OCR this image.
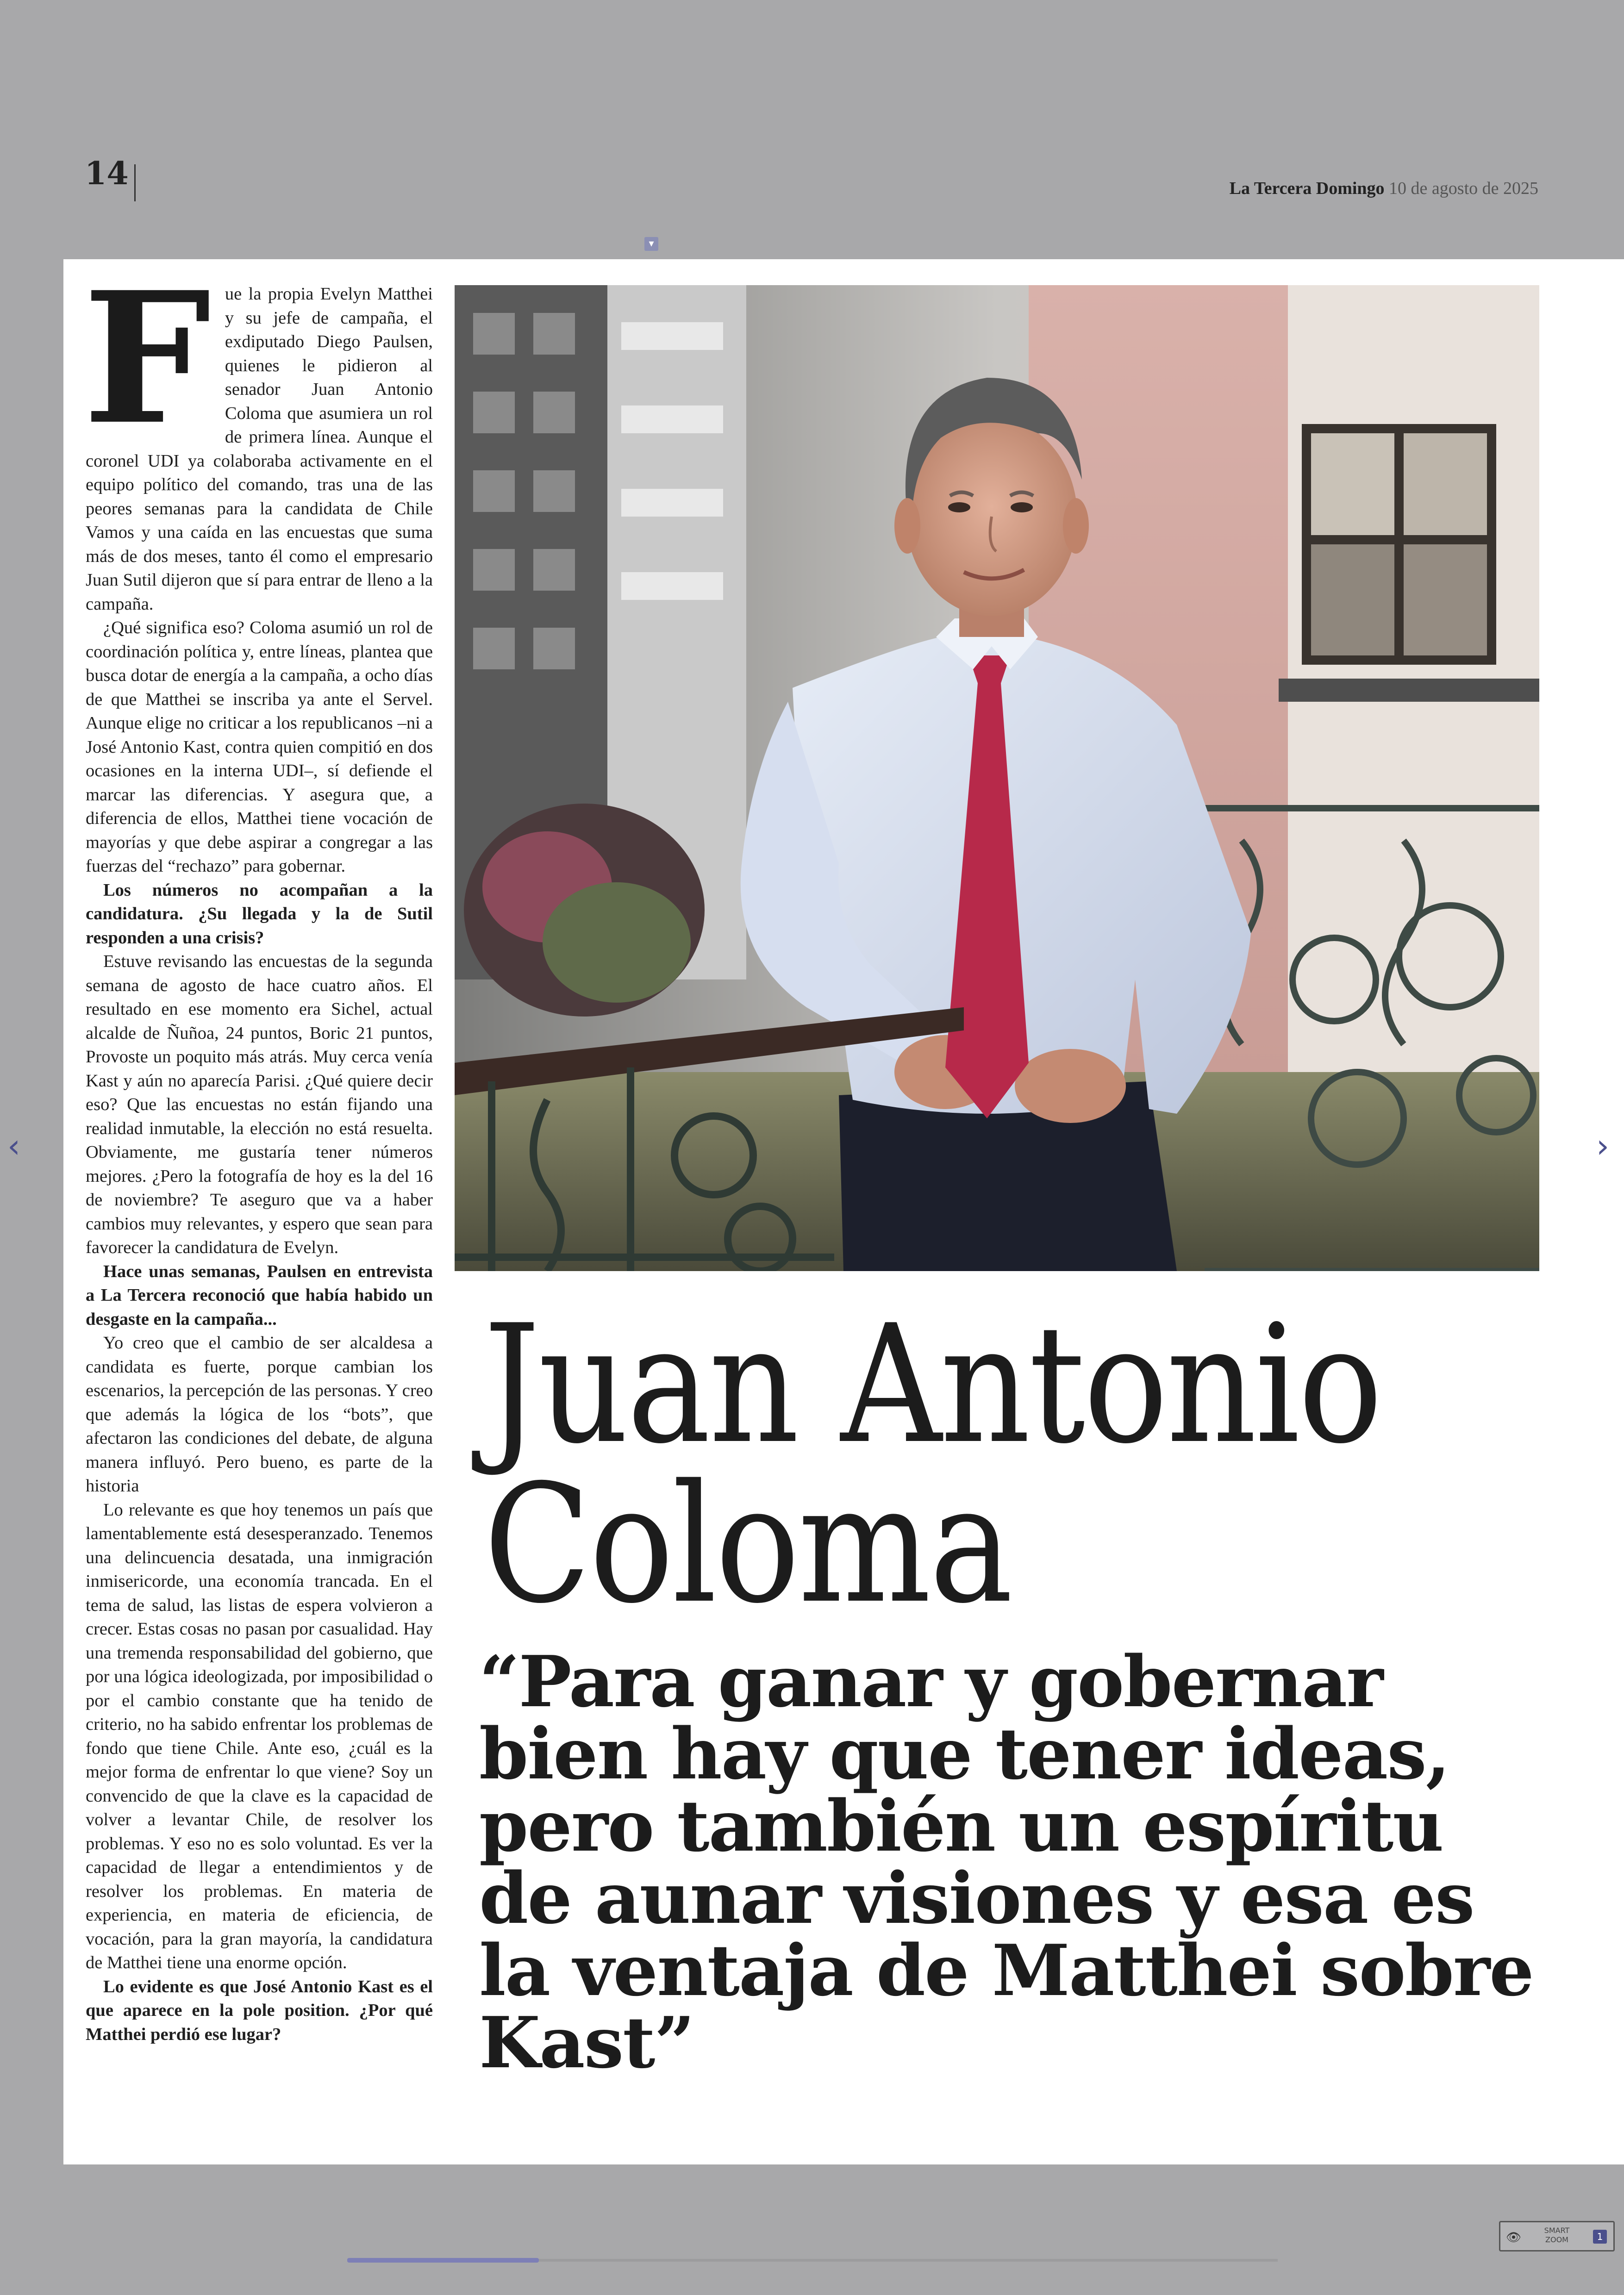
14	La Tercera Domingo 10 de agosto de 2025
▾
F ue la propia Evelyn Matthei y su jefe de campaña, el exdiputado Diego Paulsen, quienes le pidieron al senador Juan Antonio Coloma que asumiera un rol de primera línea. Aunque el coronel UDI ya colaboraba activamente en el equipo político del comando, tras una de las peores semanas para la candidata de Chile Vamos y una caída en las encuestas que suma más de dos meses, tanto él como el empresario Juan Sutil dijeron que sí para entrar de lleno a la campaña.

¿Qué significa eso? Coloma asumió un rol de coordinación política y, entre líneas, plantea que busca dotar de energía a la campaña, a ocho días de que Matthei se inscriba ya ante el Servel. Aunque elige no criticar a los republicanos –ni a José Antonio Kast, contra quien compitió en dos ocasiones en la interna UDI–, sí defiende el marcar las diferencias. Y asegura que, a diferencia de ellos, Matthei tiene vocación de mayorías y que debe aspirar a congregar a las fuerzas del “rechazo” para gobernar.

Los números no acompañan a la candidatura. ¿Su llegada y la de Sutil responden a una crisis?

Estuve revisando las encuestas de la segunda semana de agosto de hace cuatro años. El resultado en ese momento era Sichel, actual alcalde de Ñuñoa, 24 puntos, Boric 21 puntos, Provoste un poquito más atrás. Muy cerca venía Kast y aún no aparecía Parisi. ¿Qué quiere decir eso? Que las encuestas no están fijando una realidad inmutable, la elección no está resuelta. Obviamente, me gustaría tener números mejores. ¿Pero la fotografía de hoy es la del 16 de noviembre? Te aseguro que va a haber cambios muy relevantes, y espero que sean para favorecer la candidatura de Evelyn.

Hace unas semanas, Paulsen en entrevista a La Tercera reconoció que había habido un desgaste en la campaña...

Yo creo que el cambio de ser alcaldesa a candidata es fuerte, porque cambian los escenarios, la percepción de las personas. Y creo que además la lógica de los “bots”, que afectaron las condiciones del debate, de alguna manera influyó. Pero bueno, es parte de la historia

Lo relevante es que hoy tenemos un país que lamentablemente está desesperanzado. Tenemos una delincuencia desatada, una inmigración inmisericorde, una economía trancada. En el tema de salud, las listas de espera volvieron a crecer. Estas cosas no pasan por casualidad. Hay una tremenda responsabilidad del gobierno, que por una lógica ideologizada, por imposibilidad o por el cambio constante que ha tenido de criterio, no ha sabido enfrentar los problemas de fondo que tiene Chile. Ante eso, ¿cuál es la mejor forma de enfrentar lo que viene? Soy un convencido de que la clave es la capacidad de volver a levantar Chile, de resolver los problemas. Y eso no es solo voluntad. Es ver la capacidad de llegar a entendimientos y de resolver los problemas. En materia de experiencia, en materia de eficiencia, de vocación, para la gran mayoría, la candidatura de Matthei tiene una enorme opción.

Lo evidente es que José Antonio Kast es el que aparece en la pole position. ¿Por qué Matthei perdió ese lugar?

Juan Antonio
Coloma
“Para ganar y gobernar bien hay que tener ideas, pero también un espíritu de aunar visiones y esa es la ventaja de Matthei sobre Kast”
‹	›
👁
SMART
ZOOM	1
